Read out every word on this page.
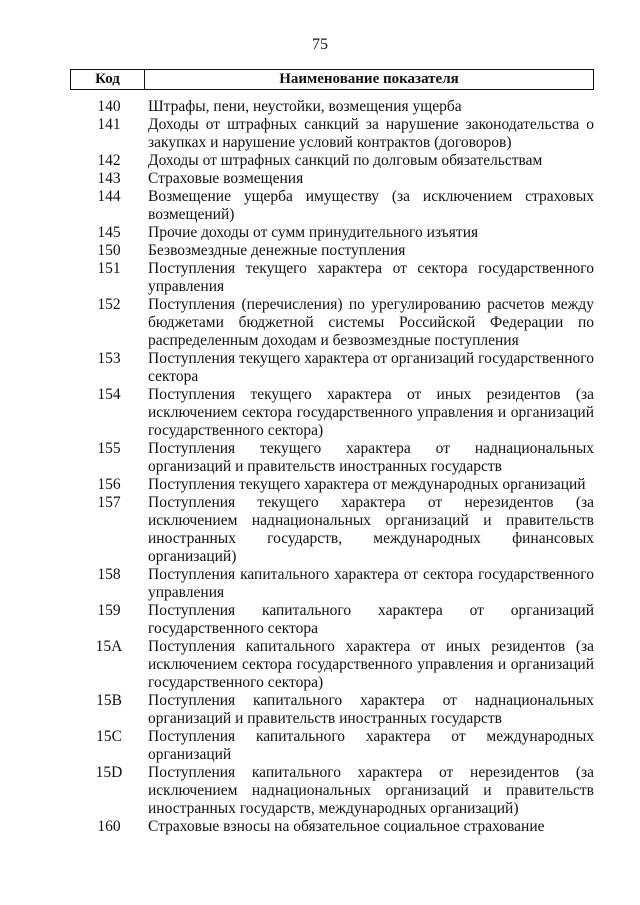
75
Код	Наименование показателя
140	Штрафы, пени, неустойки, возмещения ущерба
141	Доходы от штрафных санкций за нарушение законодательства о закупках и нарушение условий контрактов (договоров)
142	Доходы от штрафных санкций по долговым обязательствам
143	Страховые возмещения
144	Возмещение ущерба имуществу (за исключением страховых возмещений)
145	Прочие доходы от сумм принудительного изъятия
150	Безвозмездные денежные поступления
151	Поступления текущего характера от сектора государственного управления
152	Поступления (перечисления) по урегулированию расчетов между бюджетами бюджетной системы Российской Федерации по распределенным доходам и безвозмездные поступления
153	Поступления текущего характера от организаций государственного сектора
154	Поступления текущего характера от иных резидентов (за исключением сектора государственного управления и организаций государственного сектора)
155	Поступления текущего характера от наднациональных организаций и правительств иностранных государств
156	Поступления текущего характера от международных организаций
157	Поступления текущего характера от нерезидентов (за исключением наднациональных организаций и правительств иностранных государств, международных финансовых организаций)
158	Поступления капитального характера от сектора государственного управления
159	Поступления капитального характера от организаций государственного сектора
15A	Поступления капитального характера от иных резидентов (за исключением сектора государственного управления и организаций государственного сектора)
15B	Поступления капитального характера от наднациональных организаций и правительств иностранных государств
15C	Поступления капитального характера от международных организаций
15D	Поступления капитального характера от нерезидентов (за исключением наднациональных организаций и правительств иностранных государств, международных организаций)
160	Страховые взносы на обязательное социальное страхование
